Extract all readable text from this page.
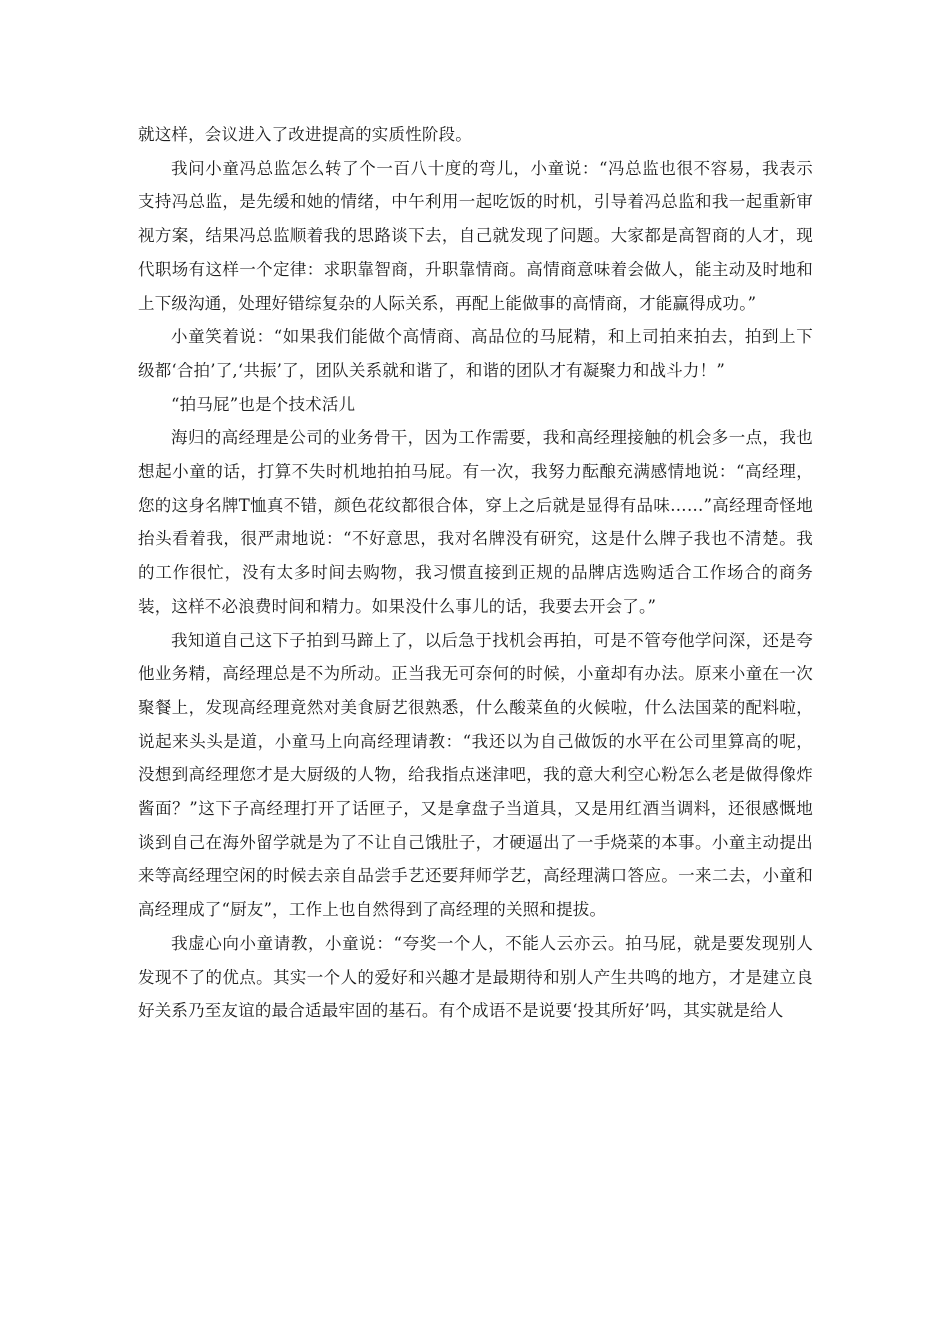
就这样，会议进入了改进提高的实质性阶段。

我问小童冯总监怎么转了个一百八十度的弯儿，小童说：“冯总监也很不容易，我表示支持冯总监，是先缓和她的情绪，中午利用一起吃饭的时机，引导着冯总监和我一起重新审视方案，结果冯总监顺着我的思路谈下去，自己就发现了问题。大家都是高智商的人才，现代职场有这样一个定律：求职靠智商，升职靠情商。高情商意味着会做人，能主动及时地和上下级沟通，处理好错综复杂的人际关系，再配上能做事的高情商，才能赢得成功。”

小童笑着说：“如果我们能做个高情商、高品位的马屁精，和上司拍来拍去，拍到上下级都‘合拍’了,‘共振’了，团队关系就和谐了，和谐的团队才有凝聚力和战斗力！”

“拍马屁”也是个技术活儿

海归的高经理是公司的业务骨干，因为工作需要，我和高经理接触的机会多一点，我也想起小童的话，打算不失时机地拍拍马屁。有一次，我努力酝酿充满感情地说：“高经理，您的这身名牌T恤真不错，颜色花纹都很合体，穿上之后就是显得有品味……”高经理奇怪地抬头看着我，很严肃地说：“不好意思，我对名牌没有研究，这是什么牌子我也不清楚。我的工作很忙，没有太多时间去购物，我习惯直接到正规的品牌店选购适合工作场合的商务装，这样不必浪费时间和精力。如果没什么事儿的话，我要去开会了。”

我知道自己这下子拍到马蹄上了，以后急于找机会再拍，可是不管夸他学问深，还是夸他业务精，高经理总是不为所动。正当我无可奈何的时候，小童却有办法。原来小童在一次聚餐上，发现高经理竟然对美食厨艺很熟悉，什么酸菜鱼的火候啦，什么法国菜的配料啦，说起来头头是道，小童马上向高经理请教：“我还以为自己做饭的水平在公司里算高的呢，没想到高经理您才是大厨级的人物，给我指点迷津吧，我的意大利空心粉怎么老是做得像炸酱面？”这下子高经理打开了话匣子，又是拿盘子当道具，又是用红酒当调料，还很感慨地谈到自己在海外留学就是为了不让自己饿肚子，才硬逼出了一手烧菜的本事。小童主动提出来等高经理空闲的时候去亲自品尝手艺还要拜师学艺，高经理满口答应。一来二去，小童和高经理成了“厨友”，工作上也自然得到了高经理的关照和提拔。

我虚心向小童请教，小童说：“夸奖一个人，不能人云亦云。拍马屁，就是要发现别人发现不了的优点。其实一个人的爱好和兴趣才是最期待和别人产生共鸣的地方，才是建立良好关系乃至友谊的最合适最牢固的基石。有个成语不是说要‘投其所好’吗，其实就是给人
